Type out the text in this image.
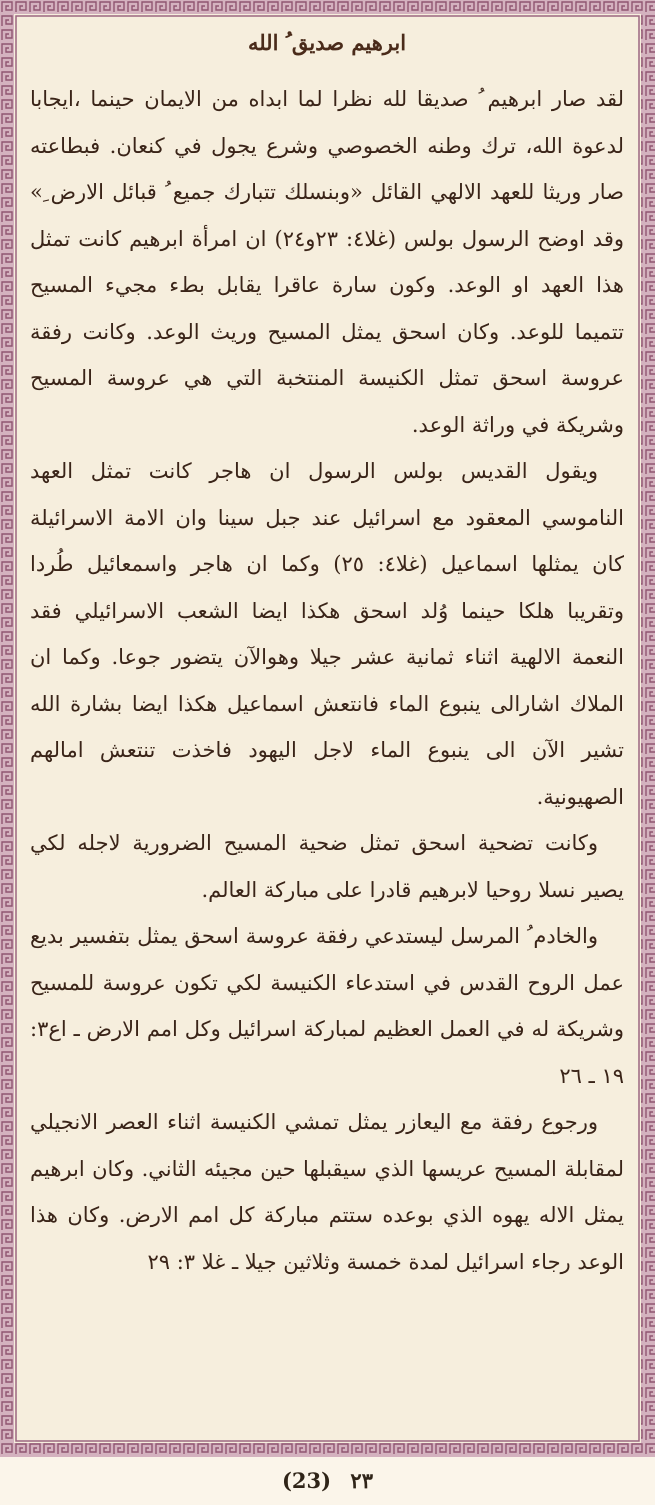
ابرهيم صديق ُ الله

لقد صار ابرهيم ُ صديقا لله نظرا لما ابداه من الايمان حينما ،ايجابا لدعوة الله، ترك وطنه الخصوصي وشرع يجول في كنعان. فبطاعته صار وريثا للعهد الالهي القائل «وبنسلك تتبارك جميع ُ قبائل الارض ِ» وقد اوضح الرسول بولس (غلا٤: ٢٣و٢٤) ان امرأة ابرهيم كانت تمثل هذا العهد او الوعد. وكون سارة عاقرا يقابل بطء مجيء المسيح تتميما للوعد. وكان اسحق يمثل المسيح وريث الوعد. وكانت رفقة عروسة اسحق تمثل الكنيسة المنتخبة التي هي عروسة المسيح وشريكة في وراثة الوعد.

ويقول القديس بولس الرسول ان هاجر كانت تمثل العهد الناموسي المعقود مع اسرائيل عند جبل سينا وان الامة الاسرائيلة كان يمثلها اسماعيل (غلا٤: ٢٥) وكما ان هاجر واسمعائيل طُردا وتقريبا هلكا حينما وُلد اسحق هكذا ايضا الشعب الاسرائيلي فقد النعمة الالهية اثناء ثمانية عشر جيلا وهوالآن يتضور جوعا. وكما ان الملاك اشارالى ينبوع الماء فانتعش اسماعيل هكذا ايضا بشارة الله تشير الآن الى ينبوع الماء لاجل اليهود فاخذت تنتعش امالهم الصهيونية.

وكانت تضحية اسحق تمثل ضحية المسيح الضرورية لاجله لكي يصير نسلا روحيا لابرهيم قادرا على مباركة العالم.

والخادم ُ المرسل ليستدعي رفقة عروسة اسحق يمثل بتفسير بديع عمل الروح القدس في استدعاء الكنيسة لكي تكون عروسة للمسيح وشريكة له في العمل العظيم لمباركة اسرائيل وكل امم الارض ـ اع٣: ١٩ ـ ٢٦

ورجوع رفقة مع اليعازر يمثل تمشي الكنيسة اثناء العصر الانجيلي لمقابلة المسيح عريسها الذي سيقبلها حين مجيئه الثاني. وكان ابرهيم يمثل الاله يهوه الذي بوعده ستتم مباركة كل امم الارض. وكان هذا الوعد رجاء اسرائيل لمدة خمسة وثلاثين جيلا ـ غلا ٣: ٢٩

(23) ٢٣
